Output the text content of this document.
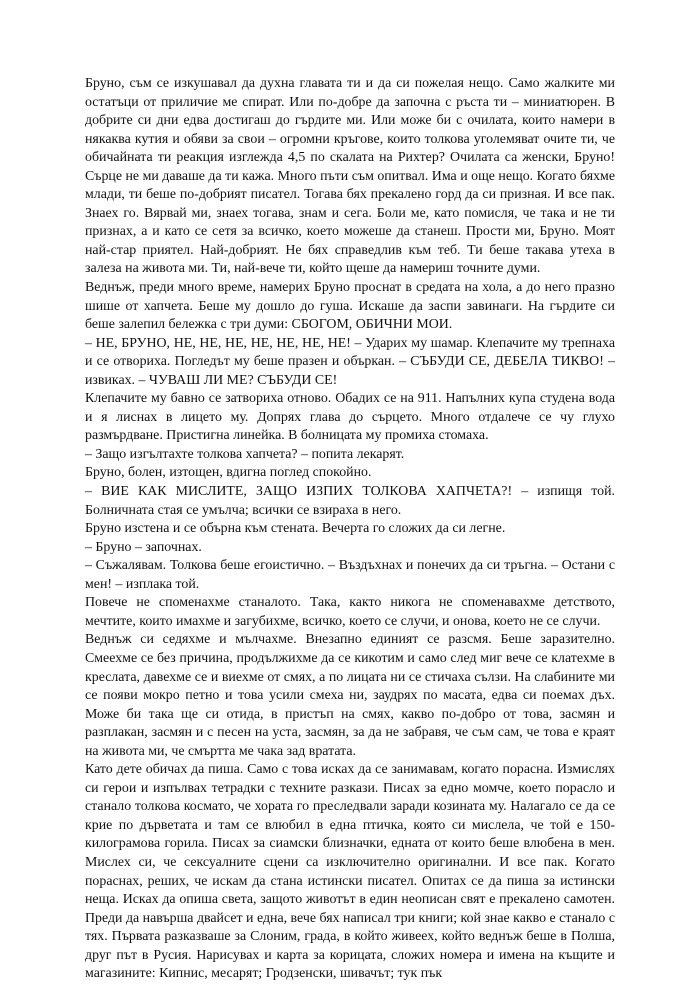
Бруно, съм се изкушавал да духна главата ти и да си пожелая нещо. Само жалките ми остатъци от приличие ме спират. Или по-добре да започна с ръста ти – миниатюрен. В добрите си дни едва достигаш до гърдите ми. Или може би с очилата, които намери в някаква кутия и обяви за свои – огромни кръгове, които толкова уголемяват очите ти, че обичайната ти реакция изглежда 4,5 по скалата на Рихтер? Очилата са женски, Бруно! Сърце не ми даваше да ти кажа. Много пъти съм опитвал. Има и още нещо. Когато бяхме млади, ти беше по-добрият писател. Тогава бях прекалено горд да си призная. И все пак. Знаех го. Вярвай ми, знаех тогава, знам и сега. Боли ме, като помисля, че така и не ти признах, а и като се сетя за всичко, което можеше да станеш. Прости ми, Бруно. Моят най-стар приятел. Най-добрият. Не бях справедлив към теб. Ти беше такава утеха в залеза на живота ми. Ти, най-вече ти, който щеше да намериш точните думи.

Веднъж, преди много време, намерих Бруно проснат в средата на хола, а до него празно шише от хапчета. Беше му дошло до гуша. Искаше да заспи завинаги. На гърдите си беше залепил бележка с три думи: СБОГОМ, ОБИЧНИ МОИ.

– НЕ, БРУНО, НЕ, НЕ, НЕ, НЕ, НЕ, НЕ, НЕ! – Ударих му шамар. Клепачите му трепнаха и се отвориха. Погледът му беше празен и объркан. – СЪБУДИ СЕ, ДЕБЕЛА ТИКВО! – извиках. – ЧУВАШ ЛИ МЕ? СЪБУДИ СЕ!

Клепачите му бавно се затвориха отново. Обадих се на 911. Напълних купа студена вода и я лиснах в лицето му. Допрях глава до сърцето. Много отдалече се чу глухо размърдване. Пристигна линейка. В болницата му промиха стомаха.

– Защо изгълтахте толкова хапчета? – попита лекарят.

Бруно, болен, изтощен, вдигна поглед спокойно.

– ВИЕ КАК МИСЛИТЕ, ЗАЩО ИЗПИХ ТОЛКОВА ХАПЧЕТА?! – изпищя той. Болничната стая се умълча; всички се взираха в него.

Бруно изстена и се обърна към стената. Вечерта го сложих да си легне.

– Бруно – започнах.

– Съжалявам. Толкова беше егоистично. – Въздъхнах и понечих да си тръгна. – Остани с мен! – изплака той.

Повече не споменахме станалото. Така, както никога не споменавахме детството, мечтите, които имахме и загубихме, всичко, което се случи, и онова, което не се случи.

Веднъж си седяхме и мълчахме. Внезапно единият се разсмя. Беше заразително. Смеехме се без причина, продължихме да се кикотим и само след миг вече се клатехме в креслата, давехме се и виехме от смях, а по лицата ни се стичаха сълзи. На слабините ми се появи мокро петно и това усили смеха ни, заудрях по масата, едва си поемах дъх. Може би така ще си отида, в пристъп на смях, какво по-добро от това, засмян и разплакан, засмян и с песен на уста, засмян, за да не забравя, че съм сам, че това е краят на живота ми, че смъртта ме чака зад вратата.

Като дете обичах да пиша. Само с това исках да се занимавам, когато порасна. Измислях си герои и изпълвах тетрадки с техните разкази. Писах за едно момче, което порасло и станало толкова космато, че хората го преследвали заради козината му. Налагало се да се крие по дърветата и там се влюбил в една птичка, която си мислела, че той е 150-килограмова горила. Писах за сиамски близначки, едната от които беше влюбена в мен. Мислех си, че сексуалните сцени са изключително оригинални. И все пак. Когато пораснах, реших, че искам да стана истински писател. Опитах се да пиша за истински неща. Исках да опиша света, защото животът в един неописан свят е прекалено самотен. Преди да навърша двайсет и една, вече бях написал три книги; кой знае какво е станало с тях. Първата разказваше за Слоним, града, в който живеех, който веднъж беше в Полша, друг път в Русия. Нарисувах и карта за корицата, сложих номера и имена на къщите и магазините: Кипнис, месарят; Гродзенски, шивачът; тук пък
